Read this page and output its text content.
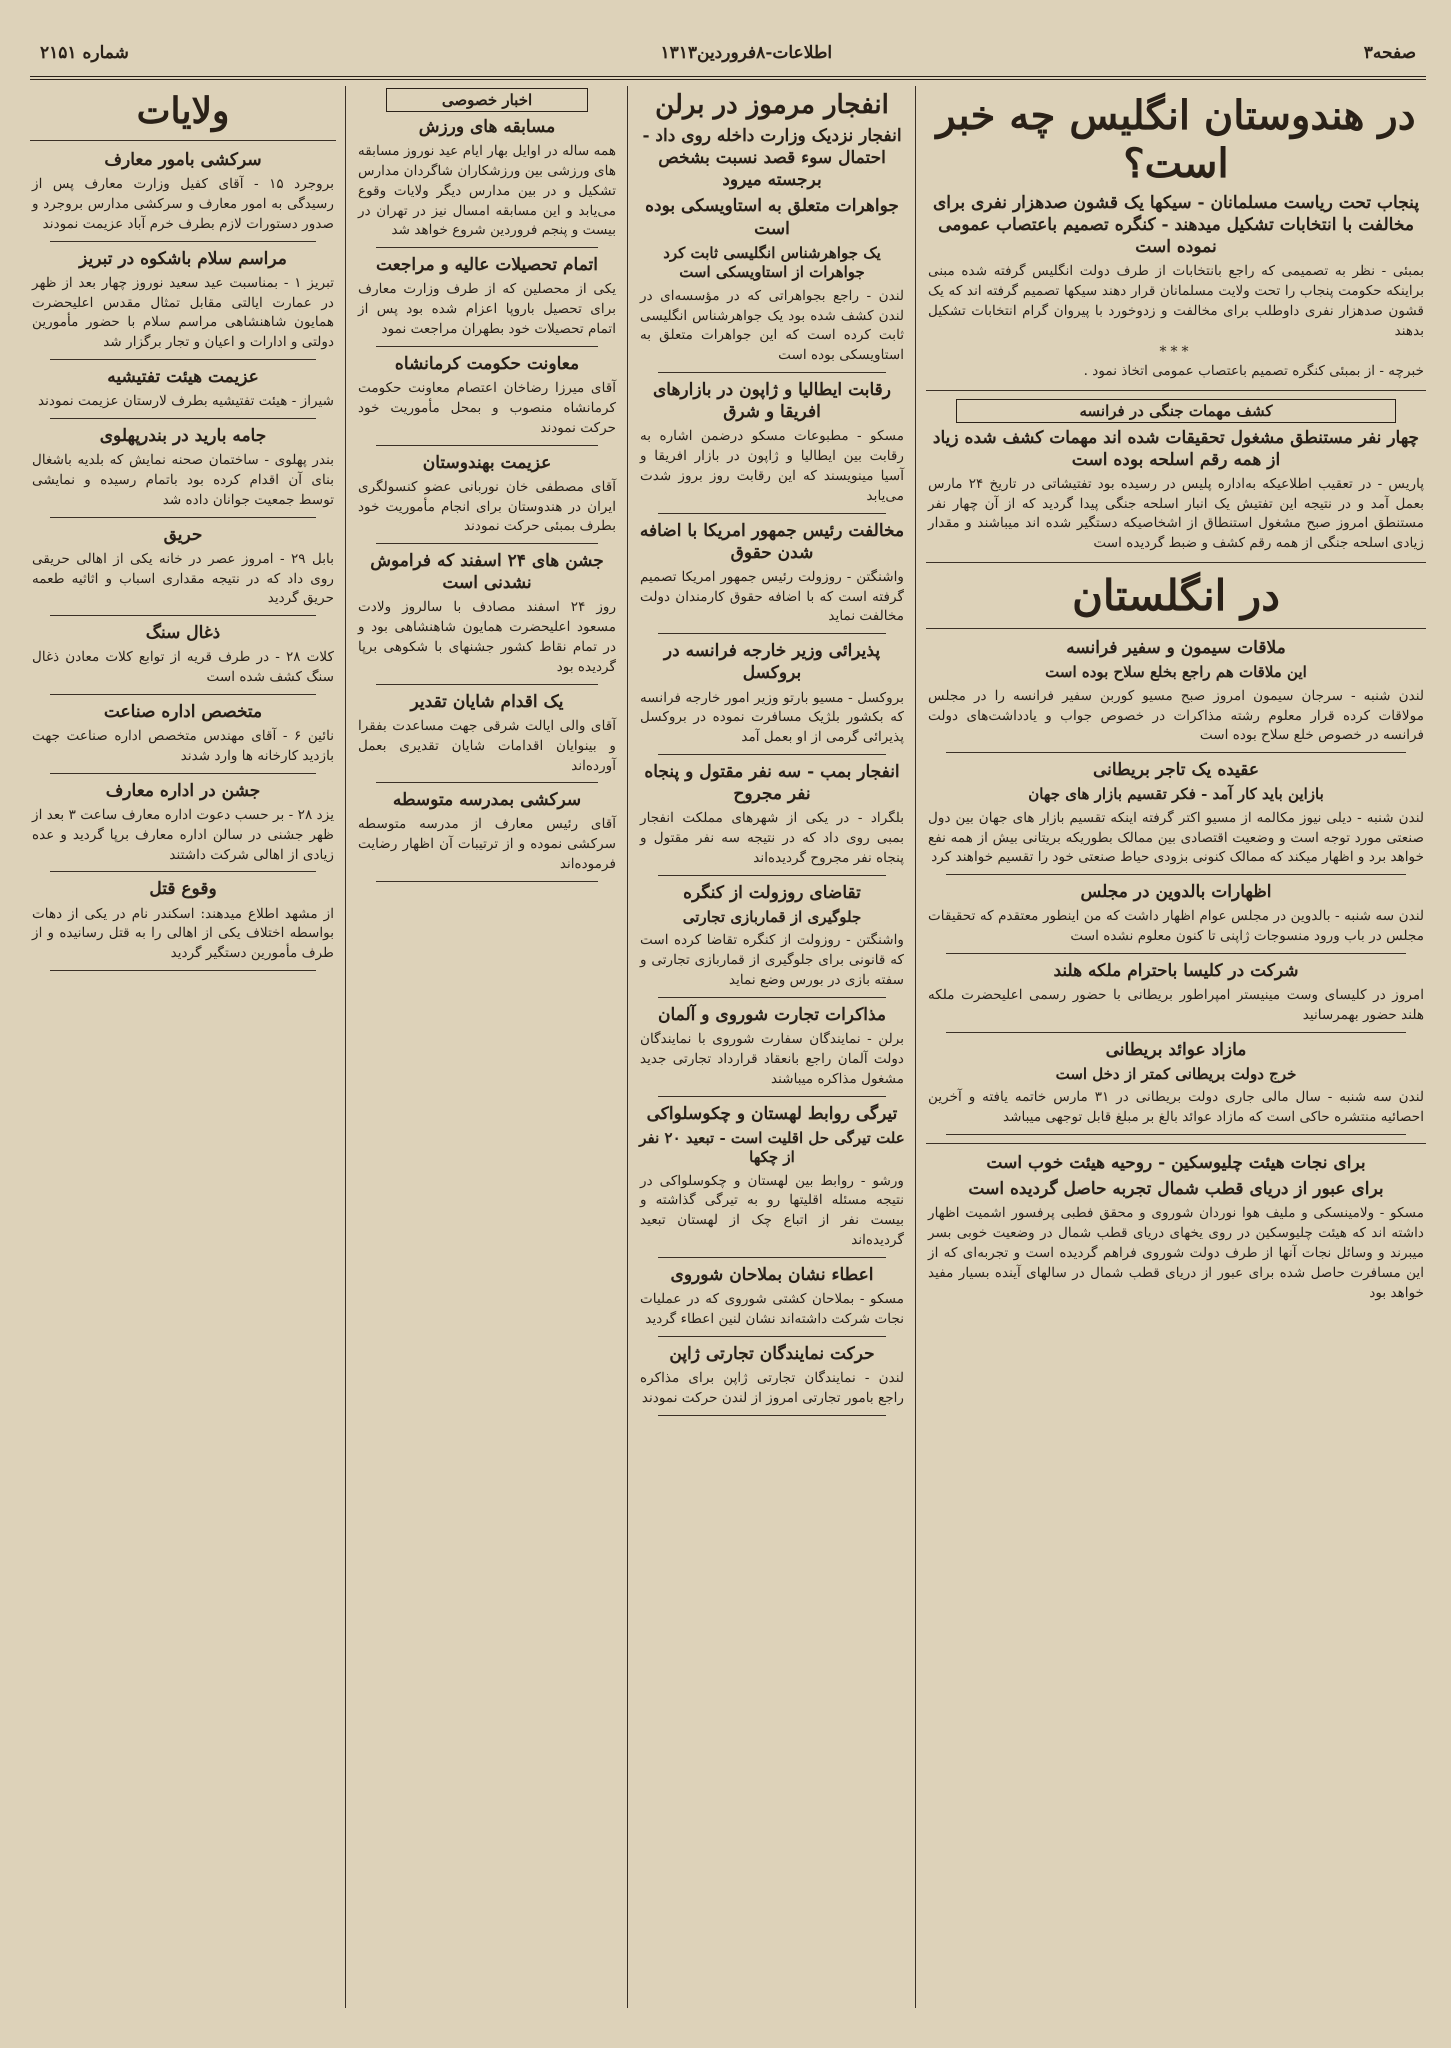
صفحه۳
اطلاعات-۸فروردین۱۳۱۳
شماره ۲۱۵۱
در هندوستان انگلیس چه خبر است؟
پنجاب تحت ریاست مسلمانان - سیکها یک قشون صدهزار نفری برای مخالفت با انتخابات تشکیل میدهند - کنگره تصمیم باعتصاب عمومی نموده است
بمبئی - نظر به تصمیمی که راجع بانتخابات از طرف دولت انگلیس گرفته شده مبنی براینکه حکومت پنجاب را تحت ولایت مسلمانان قرار دهند سیکها تصمیم گرفته اند که یک قشون صدهزار نفری داوطلب برای مخالفت و زدوخورد با پیروان گرام انتخابات تشکیل بدهند
***
خبرچه - از بمبئی کنگره تصمیم باعتصاب عمومی اتخاذ نمود .
کشف مهمات جنگی در فرانسه
چهار نفر مستنطق مشغول تحقیقات شده اند مهمات کشف شده زیاد از همه رقم اسلحه بوده است
پاریس - در تعقیب اطلاعیکه به‌اداره پلیس در رسیده بود تفتیشاتی در تاریخ ۲۴ مارس بعمل آمد و در نتیجه این تفتیش یک انبار اسلحه جنگی پیدا گردید که از آن چهار نفر مستنطق امروز صبح مشغول استنطاق از اشخاصیکه دستگیر شده اند میباشند و مقدار زیادی اسلحه جنگی از همه رقم کشف و ضبط گردیده است
در انگلستان
ملاقات سیمون و سفیر فرانسه
این ملاقات هم راجع بخلع سلاح بوده است
لندن شنبه - سرجان سیمون امروز صبح مسیو کوربن سفیر فرانسه را در مجلس مولاقات کرده قرار معلوم رشته مذاکرات در خصوص جواب و یادداشت‌های دولت فرانسه در خصوص خلع سلاح بوده است
عقیده یک تاجر بریطانی
بازاین باید کار آمد - فکر تقسیم بازار های جهان
لندن شنبه - دیلی نیوز مکالمه از مسیو اکتر گرفته اینکه تقسیم بازار های جهان بین دول صنعتی مورد توجه است و وضعیت اقتصادی بین ممالک بطوریکه بریتانی بیش از همه نفع خواهد برد و اظهار میکند که ممالک کنونی بزودی حیاط صنعتی خود را تقسیم خواهند کرد
اظهارات بالدوین در مجلس
لندن سه شنبه - بالدوین در مجلس عوام اظهار داشت که من اینطور معتقدم که تحقیقات مجلس در باب ورود منسوجات ژاپنی تا کنون معلوم نشده است
شرکت در کلیسا باحترام ملکه هلند
امروز در کلیسای وست مینیستر امپراطور بریطانی با حضور رسمی اعلیحضرت ملکه هلند حضور بهمرسانید
مازاد عوائد بریطانی
خرج دولت بریطانی کمتر از دخل است
لندن سه شنبه - سال مالی جاری دولت بریطانی در ۳۱ مارس خاتمه یافته و آخرین احصائیه منتشره حاکی است که مازاد عوائد بالغ بر مبلغ قابل توجهی میباشد
برای نجات هیئت چلیوسکین - روحیه هیئت خوب است
برای عبور از دریای قطب شمال تجربه حاصل گردیده است
مسکو - ولامینسکی و ملیف هوا نوردان شوروی و محقق فطبی پرفسور اشمیت اظهار داشته اند که هیئت چلیوسکین در روی یخهای دریای قطب شمال در وضعیت خوبی بسر میبرند و وسائل نجات آنها از طرف دولت شوروی فراهم گردیده است و تجربه‌ای که از این مسافرت حاصل شده برای عبور از دریای قطب شمال در سالهای آینده بسیار مفید خواهد بود
انفجار مرموز در برلن
انفجار نزدیک وزارت داخله روی داد - احتمال سوء قصد نسبت بشخص برجسته میرود
جواهرات متعلق به استاویسکی بوده است
یک جواهرشناس انگلیسی ثابت کرد جواهرات از استاویسکی است
لندن - راجع بجواهراتی که در مؤسسه‌ای در لندن کشف شده بود یک جواهرشناس انگلیسی ثابت کرده است که این جواهرات متعلق به استاویسکی بوده است
رقابت ایطالیا و ژاپون در بازارهای افریقا و شرق
مسکو - مطبوعات مسکو درضمن اشاره به رقابت بین ایطالیا و ژاپون در بازار افریقا و آسیا مینویسند که این رقابت روز بروز شدت می‌یابد
مخالفت رئیس جمهور امریکا با اضافه شدن حقوق
واشنگتن - روزولت رئیس جمهور امریکا تصمیم گرفته است که با اضافه حقوق کارمندان دولت مخالفت نماید
پذیرائی وزیر خارجه فرانسه در بروکسل
بروکسل - مسیو بارتو وزیر امور خارجه فرانسه که بکشور بلژیک مسافرت نموده در بروکسل پذیرائی گرمی از او بعمل آمد
انفجار بمب - سه نفر مقتول و پنجاه نفر مجروح
بلگراد - در یکی از شهرهای مملکت انفجار بمبی روی داد که در نتیجه سه نفر مقتول و پنجاه نفر مجروح گردیده‌اند
تقاضای روزولت از کنگره
جلوگیری از قماربازی تجارتی
واشنگتن - روزولت از کنگره تقاضا کرده است که قانونی برای جلوگیری از قماربازی تجارتی و سفته بازی در بورس وضع نماید
مذاکرات تجارت شوروی و آلمان
برلن - نمایندگان سفارت شوروی با نمایندگان دولت آلمان راجع بانعقاد قرارداد تجارتی جدید مشغول مذاکره میباشند
تیرگی روابط لهستان و چکوسلواکی
علت تیرگی حل اقلیت است - تبعید ۲۰ نفر از چکها
ورشو - روابط بین لهستان و چکوسلواکی در نتیجه مسئله اقلیتها رو به تیرگی گذاشته و بیست نفر از اتباع چک از لهستان تبعید گردیده‌اند
اعطاء نشان بملاحان شوروی
مسکو - بملاحان کشتی شوروی که در عملیات نجات شرکت داشته‌اند نشان لنین اعطاء گردید
حرکت نمایندگان تجارتی ژاپن
لندن - نمایندگان تجارتی ژاپن برای مذاکره راجع بامور تجارتی امروز از لندن حرکت نمودند
اخبار خصوصی
مسابقه های ورزش
همه ساله در اوایل بهار ایام عید نوروز مسابقه های ورزشی بین ورزشکاران شاگردان مدارس تشکیل و در بین مدارس دیگر ولایات وقوع می‌یابد و این مسابقه امسال نیز در تهران در بیست و پنجم فروردین شروع خواهد شد
اتمام تحصیلات عالیه و مراجعت
یکی از محصلین که از طرف وزارت معارف برای تحصیل باروپا اعزام شده بود پس از اتمام تحصیلات خود بطهران مراجعت نمود
معاونت حکومت کرمانشاه
آقای میرزا رضاخان اعتصام معاونت حکومت کرمانشاه منصوب و بمحل مأموریت خود حرکت نمودند
عزیمت بهندوستان
آقای مصطفی خان نوربانی عضو کنسولگری ایران در هندوستان برای انجام مأموریت خود بطرف بمبئی حرکت نمودند
جشن های ۲۴ اسفند که فراموش نشدنی است
روز ۲۴ اسفند مصادف با سالروز ولادت مسعود اعلیحضرت همایون شاهنشاهی بود و در تمام نقاط کشور جشنهای با شکوهی برپا گردیده بود
یک اقدام شایان تقدیر
آقای والی ایالت شرقی جهت مساعدت بفقرا و بینوایان اقدامات شایان تقدیری بعمل آورده‌اند
سرکشی بمدرسه متوسطه
آقای رئیس معارف از مدرسه متوسطه سرکشی نموده و از ترتیبات آن اظهار رضایت فرموده‌اند
ولایات
سرکشی بامور معارف
بروجرد ۱۵ - آقای کفیل وزارت معارف پس از رسیدگی به امور معارف و سرکشی مدارس بروجرد و صدور دستورات لازم بطرف خرم آباد عزیمت نمودند
مراسم سلام باشکوه در تبریز
تبریز ۱ - بمناسبت عید سعید نوروز چهار بعد از ظهر در عمارت ایالتی مقابل تمثال مقدس اعلیحضرت همایون شاهنشاهی مراسم سلام با حضور مأمورین دولتی و ادارات و اعیان و تجار برگزار شد
عزیمت هیئت تفتیشیه
شیراز - هیئت تفتیشیه بطرف لارستان عزیمت نمودند
جامه بارید در بندرپهلوی
بندر پهلوی - ساختمان صحنه نمایش که بلدیه باشغال بنای آن اقدام کرده بود باتمام رسیده و نمایشی توسط جمعیت جوانان داده شد
حریق
بابل ۲۹ - امروز عصر در خانه یکی از اهالی حریقی روی داد که در نتیجه مقداری اسباب و اثاثیه طعمه حریق گردید
ذغال سنگ
کلات ۲۸ - در طرف قریه از توابع کلات معادن ذغال سنگ کشف شده است
متخصص اداره صناعت
نائین ۶ - آقای مهندس متخصص اداره صناعت جهت بازدید کارخانه ها وارد شدند
جشن در اداره معارف
یزد ۲۸ - بر حسب دعوت اداره معارف ساعت ۳ بعد از ظهر جشنی در سالن اداره معارف برپا گردید و عده زیادی از اهالی شرکت داشتند
وقوع قتل
از مشهد اطلاع میدهند: اسکندر نام در یکی از دهات بواسطه اختلاف یکی از اهالی را به قتل رسانیده و از طرف مأمورین دستگیر گردید
